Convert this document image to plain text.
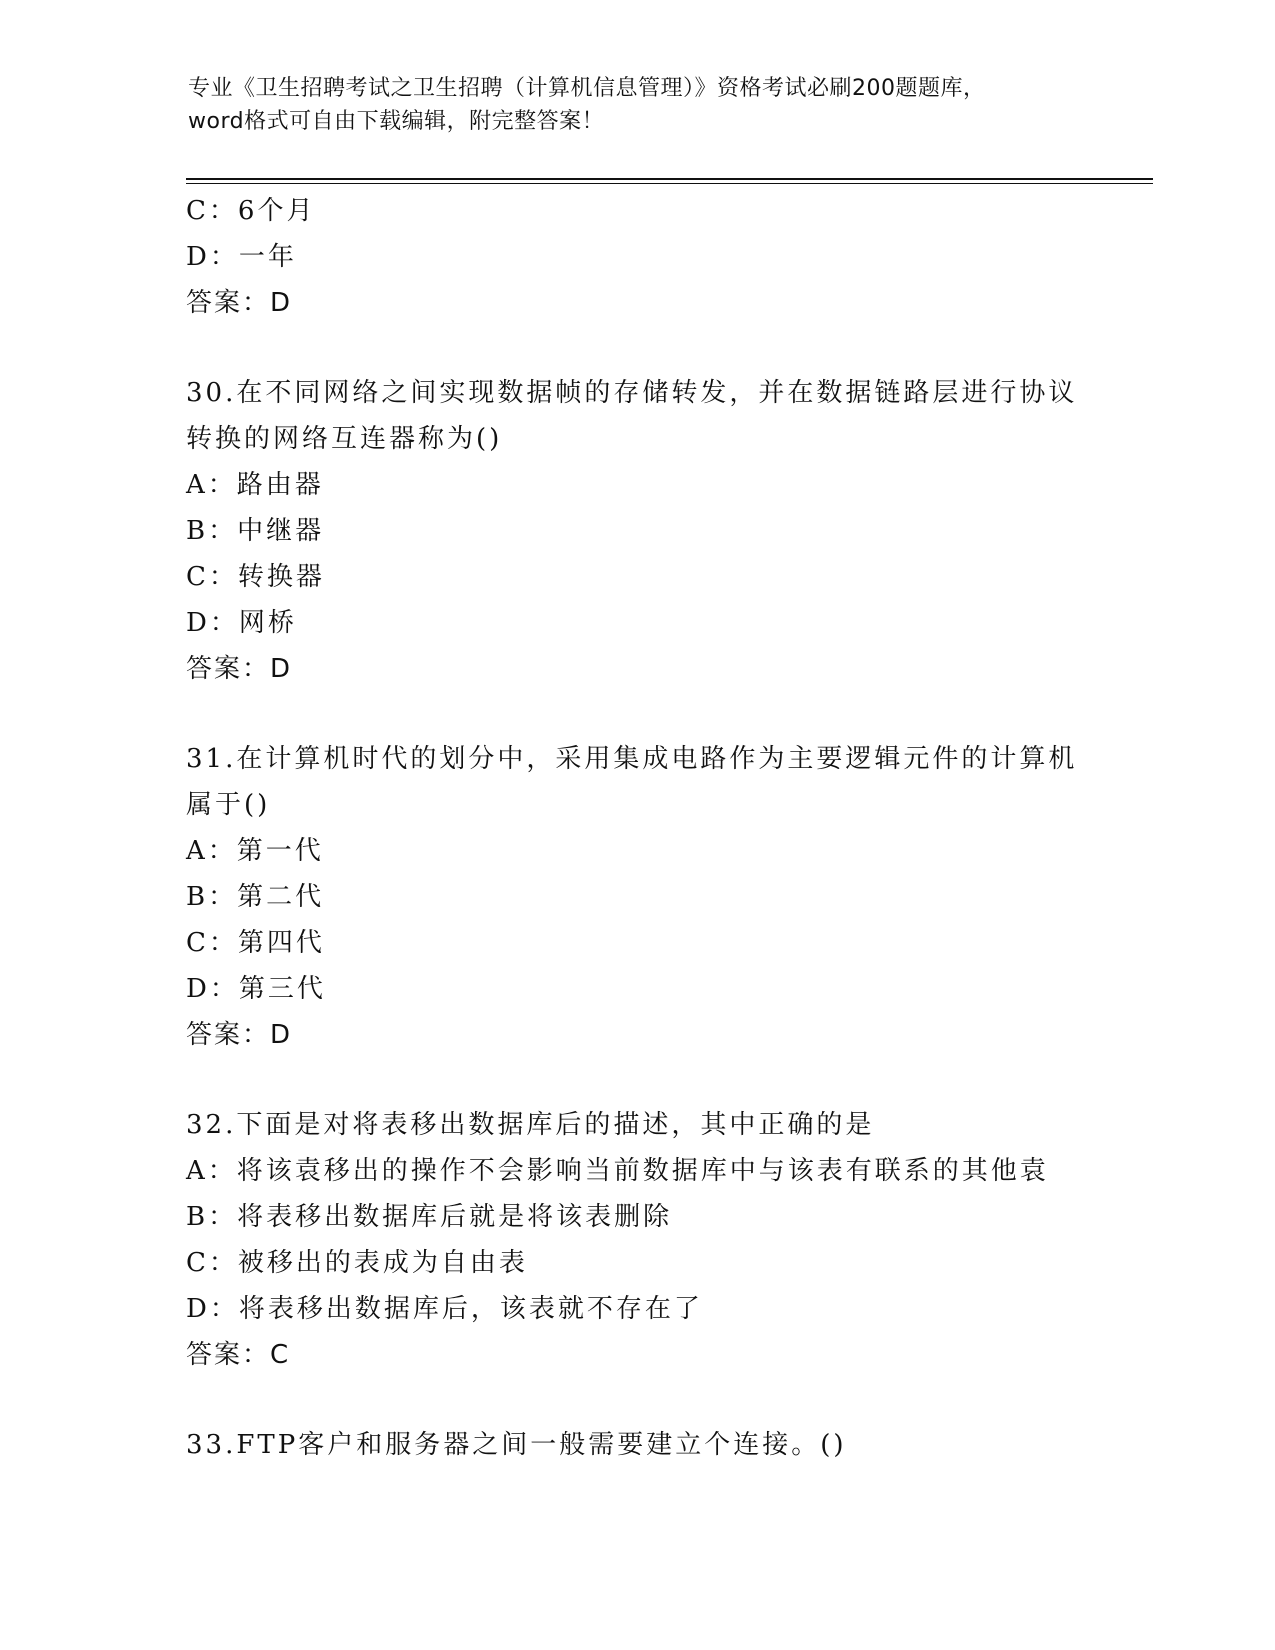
专业《卫生招聘考试之卫生招聘（计算机信息管理）》资格考试必刷200题题库，
word格式可自由下载编辑，附完整答案！
C：6个月
D：一年
答案：D
30.在不同网络之间实现数据帧的存储转发，并在数据链路层进行协议
转换的网络互连器称为()
A：路由器
B：中继器
C：转换器
D：网桥
答案：D
31.在计算机时代的划分中，采用集成电路作为主要逻辑元件的计算机
属于()
A：第一代
B：第二代
C：第四代
D：第三代
答案：D
32.下面是对将表移出数据库后的描述，其中正确的是
A：将该袁移出的操作不会影响当前数据库中与该表有联系的其他袁
B：将表移出数据库后就是将该表删除
C：被移出的表成为自由表
D：将表移出数据库后，该表就不存在了
答案：C
33.FTP客户和服务器之间一般需要建立个连接。()
